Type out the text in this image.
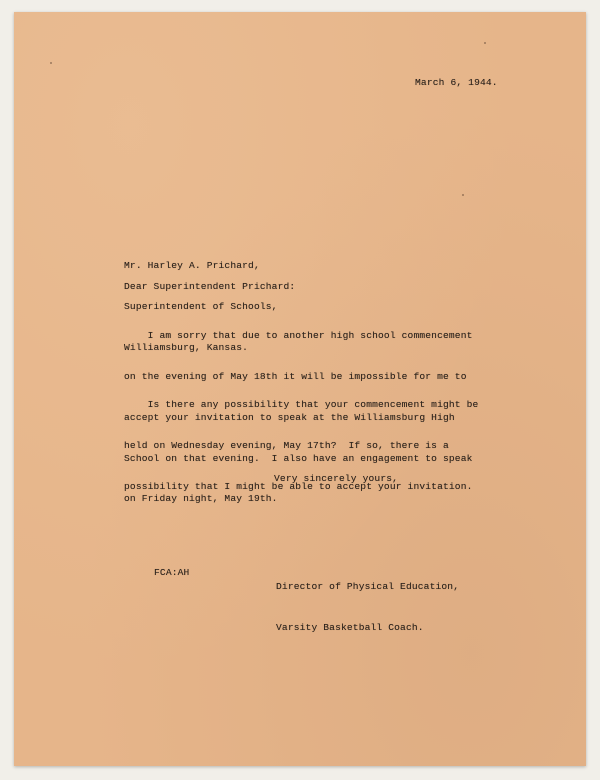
March 6, 1944.

Mr. Harley A. Prichard,

Superintendent of Schools,

Williamsburg, Kansas.

Dear Superintendent Prichard:

I am sorry that due to another high school commencement

on the evening of May 18th it will be impossible for me to

accept your invitation to speak at the Williamsburg High

School on that evening.  I also have an engagement to speak

on Friday night, May 19th.

Is there any possibility that your commencement might be

held on Wednesday evening, May 17th?  If so, there is a

possibility that I might be able to accept your invitation.

Very sincerely yours,

Director of Physical Education,

Varsity Basketball Coach.

FCA:AH
